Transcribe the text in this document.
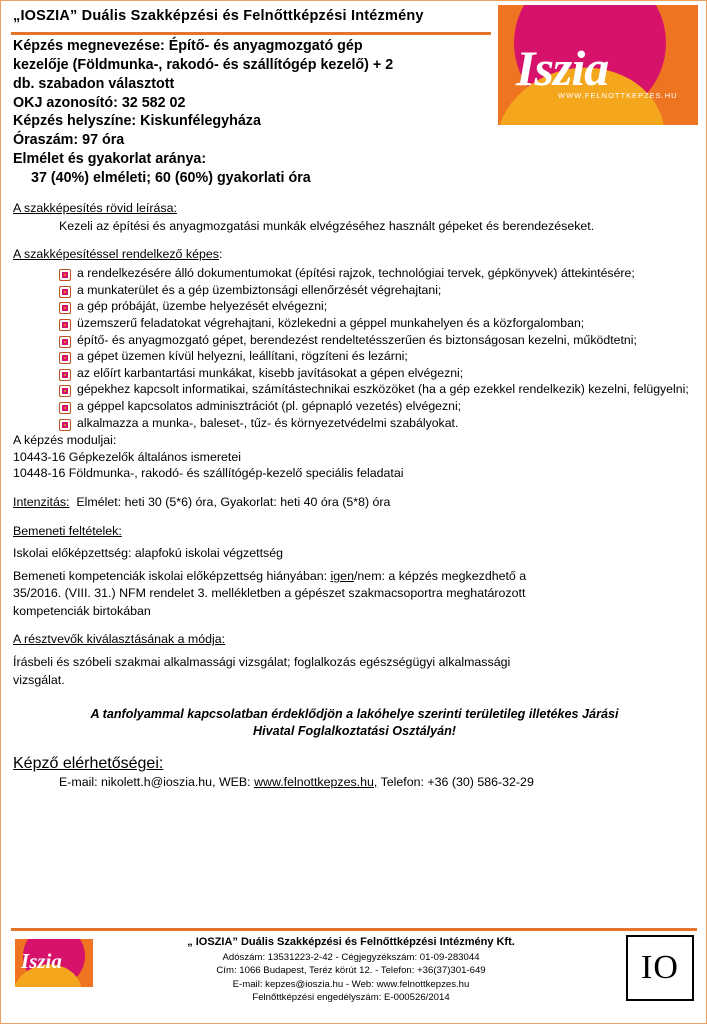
„IOSZIA” Duális Szakképzési és Felnőttképzési Intézmény
Iszia
WWW.FELNOTTKEPZES.HU
Képzés megnevezése: Építő- és anyagmozgató gép
kezelője (Földmunka-, rakodó- és szállítógép kezelő) + 2
db. szabadon választott
OKJ azonosító: 32 582 02
Képzés helyszíne: Kiskunfélegyháza
Óraszám: 97 óra
Elmélet és gyakorlat aránya:
37 (40%) elméleti; 60 (60%) gyakorlati óra
A szakképesítés rövid leírása:
Kezeli az építési és anyagmozgatási munkák elvégzéséhez használt gépeket és berendezéseket.
A szakképesítéssel rendelkező képes:
a rendelkezésére álló dokumentumokat (építési rajzok, technológiai tervek, gépkönyvek) áttekintésére;
a munkaterület és a gép üzembiztonsági ellenőrzését végrehajtani;
a gép próbáját, üzembe helyezését elvégezni;
üzemszerű feladatokat végrehajtani, közlekedni a géppel munkahelyen és a közforgalomban;
építő- és anyagmozgató gépet, berendezést rendeltetésszerűen és biztonságosan kezelni, működtetni;
a gépet üzemen kívül helyezni, leállítani, rögzíteni és lezárni;
az előírt karbantartási munkákat, kisebb javításokat a gépen elvégezni;
gépekhez kapcsolt informatikai, számítástechnikai eszközöket (ha a gép ezekkel rendelkezik) kezelni, felügyelni;
a géppel kapcsolatos adminisztrációt (pl. gépnapló vezetés) elvégezni;
alkalmazza a munka-, baleset-, tűz- és környezetvédelmi szabályokat.
A képzés moduljai:
10443-16 Gépkezelők általános ismeretei
10448-16 Földmunka-, rakodó- és szállítógép-kezelő speciális feladatai
Intenzitás: Elmélet: heti 30 (5*6) óra, Gyakorlat: heti 40 óra (5*8) óra
Bemeneti feltételek:
Iskolai előképzettség: alapfokú iskolai végzettség
Bemeneti kompetenciák iskolai előképzettség hiányában: igen/nem: a képzés megkezdhető a
35/2016. (VIII. 31.) NFM rendelet 3. mellékletben a gépészet szakmacsoportra meghatározott
kompetenciák birtokában
A résztvevők kiválasztásának a módja:
Írásbeli és szóbeli szakmai alkalmassági vizsgálat; foglalkozás egészségügyi alkalmassági
vizsgálat.
A tanfolyammal kapcsolatban érdeklődjön a lakóhelye szerinti területileg illetékes Járási
Hivatal Foglalkoztatási Osztályán!
Képző elérhetőségei:
E-mail: nikolett.h@ioszia.hu, WEB: www.felnottkepzes.hu, Telefon: +36 (30) 586-32-29
Iszia
„ IOSZIA” Duális Szakképzési és Felnőttképzési Intézmény Kft.
Adószám: 13531223-2-42 - Cégjegyzékszám: 01-09-283044
Cím: 1066 Budapest, Teréz körút 12. - Telefon: +36(37)301-649
E-mail: kepzes@ioszia.hu - Web: www.felnottkepzes.hu
Felnőttképzési engedélyszám: E-000526/2014
IO
